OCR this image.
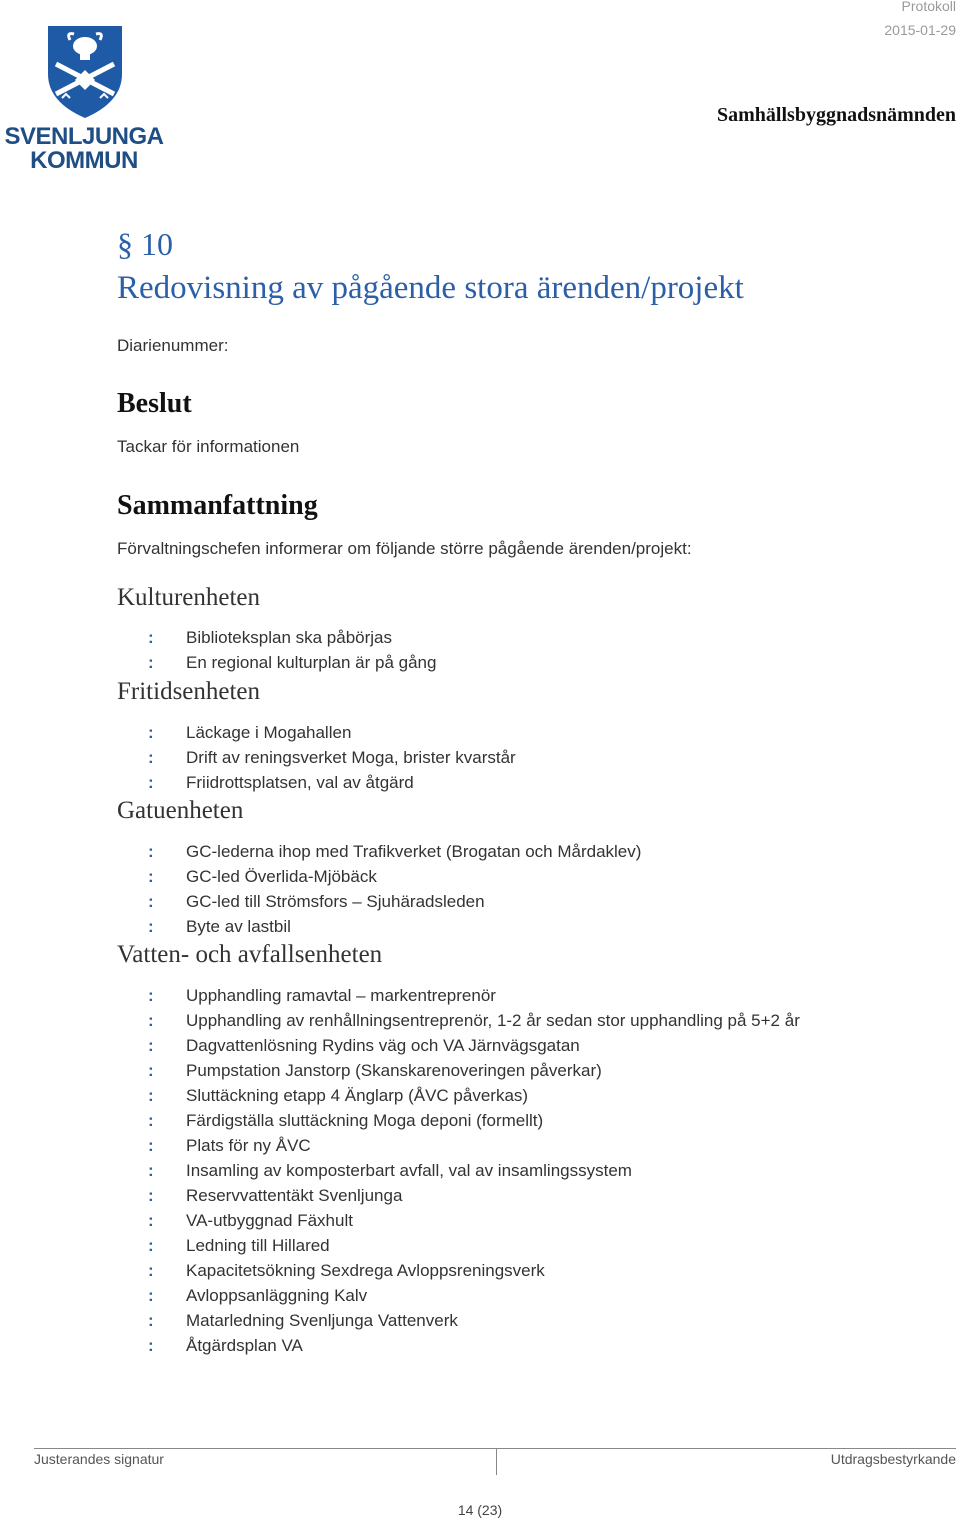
Protokoll
2015-01-29
Samhällsbyggnadsnämnden
SVENLJUNGA
KOMMUN
§ 10
Redovisning av pågående stora ärenden/projekt
Diarienummer:
Beslut
Tackar för informationen
Sammanfattning
Förvaltningschefen informerar om följande större pågående ärenden/projekt:
Kulturenheten
: Biblioteksplan ska påbörjas
: En regional kulturplan är på gång
Fritidsenheten
: Läckage i Mogahallen
: Drift av reningsverket Moga, brister kvarstår
: Friidrottsplatsen, val av åtgärd
Gatuenheten
: GC-lederna ihop med Trafikverket (Brogatan och Mårdaklev)
: GC-led Överlida-Mjöbäck
: GC-led till Strömsfors – Sjuhäradsleden
: Byte av lastbil
Vatten- och avfallsenheten
: Upphandling ramavtal – markentreprenör
: Upphandling av renhållningsentreprenör, 1-2 år sedan stor upphandling på 5+2 år
: Dagvattenlösning Rydins väg och VA Järnvägsgatan
: Pumpstation Janstorp (Skanskarenoveringen påverkar)
: Sluttäckning etapp 4 Änglarp (ÅVC påverkas)
: Färdigställa sluttäckning Moga deponi (formellt)
: Plats för ny ÅVC
: Insamling av komposterbart avfall, val av insamlingssystem
: Reservvattentäkt Svenljunga
: VA-utbyggnad Fäxhult
: Ledning till Hillared
: Kapacitetsökning Sexdrega Avloppsreningsverk
: Avloppsanläggning Kalv
: Matarledning Svenljunga Vattenverk
: Åtgärdsplan VA
Justerandes signatur	Utdragsbestyrkande
14 (23)
